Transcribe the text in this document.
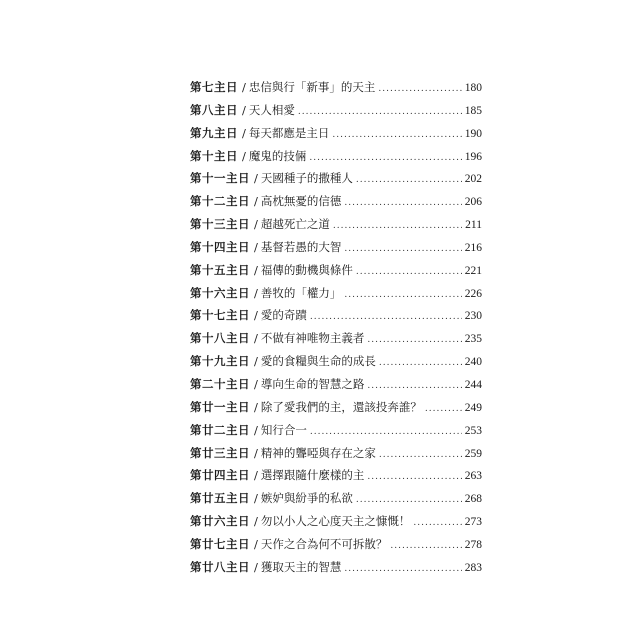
第七主日 / 忠信與行「新事」的天主 .....	180
第八主日 / 天人相愛 .....	185
第九主日 / 每天都應是主日 .....	190
第十主日 / 魔鬼的技倆 .....	196
第十一主日 / 天國種子的撒種人 .....	202
第十二主日 / 高枕無憂的信德 .....	206
第十三主日 / 超越死亡之道 .....	211
第十四主日 / 基督若愚的大智 .....	216
第十五主日 / 福傳的動機與條件 .....	221
第十六主日 / 善牧的「權力」 .....	226
第十七主日 / 愛的奇蹟 .....	230
第十八主日 / 不做有神唯物主義者 .....	235
第十九主日 / 愛的食糧與生命的成長 .....	240
第二十主日 / 導向生命的智慧之路 .....	244
第廿一主日 / 除了愛我們的主，還該投奔誰？ .....	249
第廿二主日 / 知行合一 .....	253
第廿三主日 / 精神的聾啞與存在之家 .....	259
第廿四主日 / 選擇跟隨什麼樣的主 .....	263
第廿五主日 / 嫉妒與紛爭的私欲 .....	268
第廿六主日 / 勿以小人之心度天主之慷慨！ .....	273
第廿七主日 / 天作之合為何不可拆散？ .....	278
第廿八主日 / 獲取天主的智慧 .....	283
